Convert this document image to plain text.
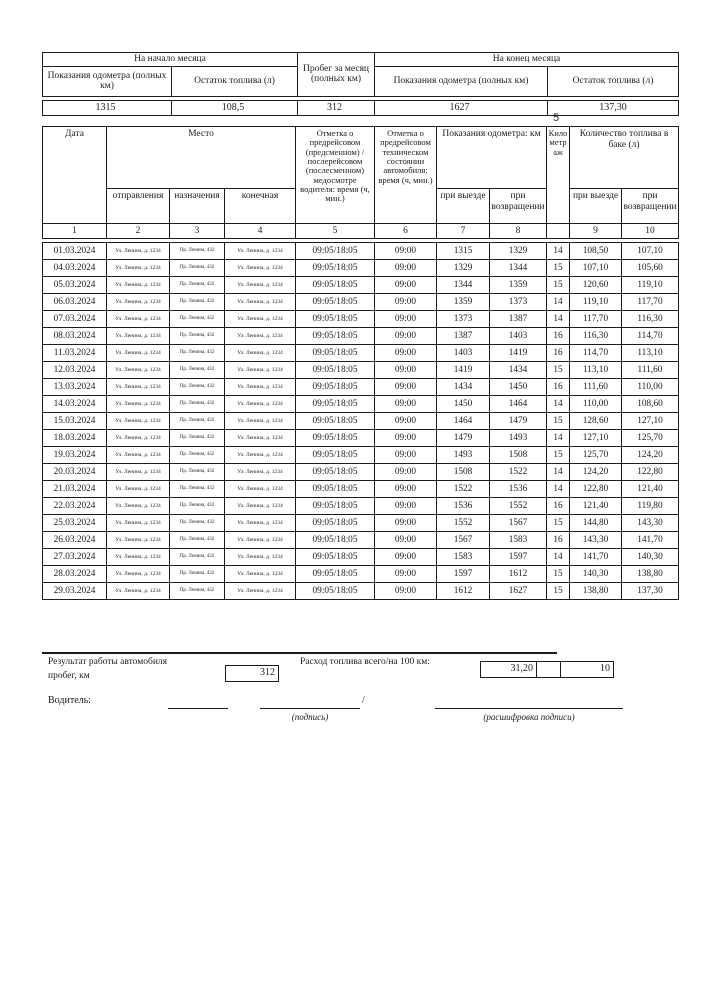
На начало месяца		Пробег за месяц (полных км)	На конец месяца	
Показания одометра (полных км)	Остаток топлива (л)		Показания одометра (полных км)	Остаток топлива (л)
1315	108,5	312	1627	137,30
5
Дата	Место			Отметка о предрейсовом (предсменном) / послерейсовом (послесменном) медосмотре водителя: время (ч, мин.)	Отметка о предрейсовом техническом состоянии автомобиля: время (ч, мин.)	Показания одометра: км		Километраж	Количество топлива в баке (л)	
	отправления	назначения	конечная			при выезде	при возвращении		при выезде	при возвращении
1	2	3	4	5	6	7	8		9	10
01.03.2024	Ул. Ленина, д. 1234	Пр. Ленина, 432	Ул. Ленина, д. 1234	09:05/18:05	09:00	1315	1329	14	108,50	107,10
04.03.2024	Ул. Ленина, д. 1234	Пр. Ленина, 432	Ул. Ленина, д. 1234	09:05/18:05	09:00	1329	1344	15	107,10	105,60
05.03.2024	Ул. Ленина, д. 1234	Пр. Ленина, 432	Ул. Ленина, д. 1234	09:05/18:05	09:00	1344	1359	15	120,60	119,10
06.03.2024	Ул. Ленина, д. 1234	Пр. Ленина, 432	Ул. Ленина, д. 1234	09:05/18:05	09:00	1359	1373	14	119,10	117,70
07.03.2024	Ул. Ленина, д. 1234	Пр. Ленина, 432	Ул. Ленина, д. 1234	09:05/18:05	09:00	1373	1387	14	117,70	116,30
08.03.2024	Ул. Ленина, д. 1234	Пр. Ленина, 432	Ул. Ленина, д. 1234	09:05/18:05	09:00	1387	1403	16	116,30	114,70
11.03.2024	Ул. Ленина, д. 1234	Пр. Ленина, 432	Ул. Ленина, д. 1234	09:05/18:05	09:00	1403	1419	16	114,70	113,10
12.03.2024	Ул. Ленина, д. 1234	Пр. Ленина, 432	Ул. Ленина, д. 1234	09:05/18:05	09:00	1419	1434	15	113,10	111,60
13.03.2024	Ул. Ленина, д. 1234	Пр. Ленина, 432	Ул. Ленина, д. 1234	09:05/18:05	09:00	1434	1450	16	111,60	110,00
14.03.2024	Ул. Ленина, д. 1234	Пр. Ленина, 432	Ул. Ленина, д. 1234	09:05/18:05	09:00	1450	1464	14	110,00	108,60
15.03.2024	Ул. Ленина, д. 1234	Пр. Ленина, 432	Ул. Ленина, д. 1234	09:05/18:05	09:00	1464	1479	15	128,60	127,10
18.03.2024	Ул. Ленина, д. 1234	Пр. Ленина, 432	Ул. Ленина, д. 1234	09:05/18:05	09:00	1479	1493	14	127,10	125,70
19.03.2024	Ул. Ленина, д. 1234	Пр. Ленина, 432	Ул. Ленина, д. 1234	09:05/18:05	09:00	1493	1508	15	125,70	124,20
20.03.2024	Ул. Ленина, д. 1234	Пр. Ленина, 432	Ул. Ленина, д. 1234	09:05/18:05	09:00	1508	1522	14	124,20	122,80
21.03.2024	Ул. Ленина, д. 1234	Пр. Ленина, 432	Ул. Ленина, д. 1234	09:05/18:05	09:00	1522	1536	14	122,80	121,40
22.03.2024	Ул. Ленина, д. 1234	Пр. Ленина, 432	Ул. Ленина, д. 1234	09:05/18:05	09:00	1536	1552	16	121,40	119,80
25.03.2024	Ул. Ленина, д. 1234	Пр. Ленина, 432	Ул. Ленина, д. 1234	09:05/18:05	09:00	1552	1567	15	144,80	143,30
26.03.2024	Ул. Ленина, д. 1234	Пр. Ленина, 432	Ул. Ленина, д. 1234	09:05/18:05	09:00	1567	1583	16	143,30	141,70
27.03.2024	Ул. Ленина, д. 1234	Пр. Ленина, 432	Ул. Ленина, д. 1234	09:05/18:05	09:00	1583	1597	14	141,70	140,30
28.03.2024	Ул. Ленина, д. 1234	Пр. Ленина, 432	Ул. Ленина, д. 1234	09:05/18:05	09:00	1597	1612	15	140,30	138,80
29.03.2024	Ул. Ленина, д. 1234	Пр. Ленина, 432	Ул. Ленина, д. 1234	09:05/18:05	09:00	1612	1627	15	138,80	137,30
Результат работы автомобиля
пробег, км	312
Расход топлива всего/на 100 км:
31,20	10
Водитель:	/
(подпись)	(расшифровка подписи)
